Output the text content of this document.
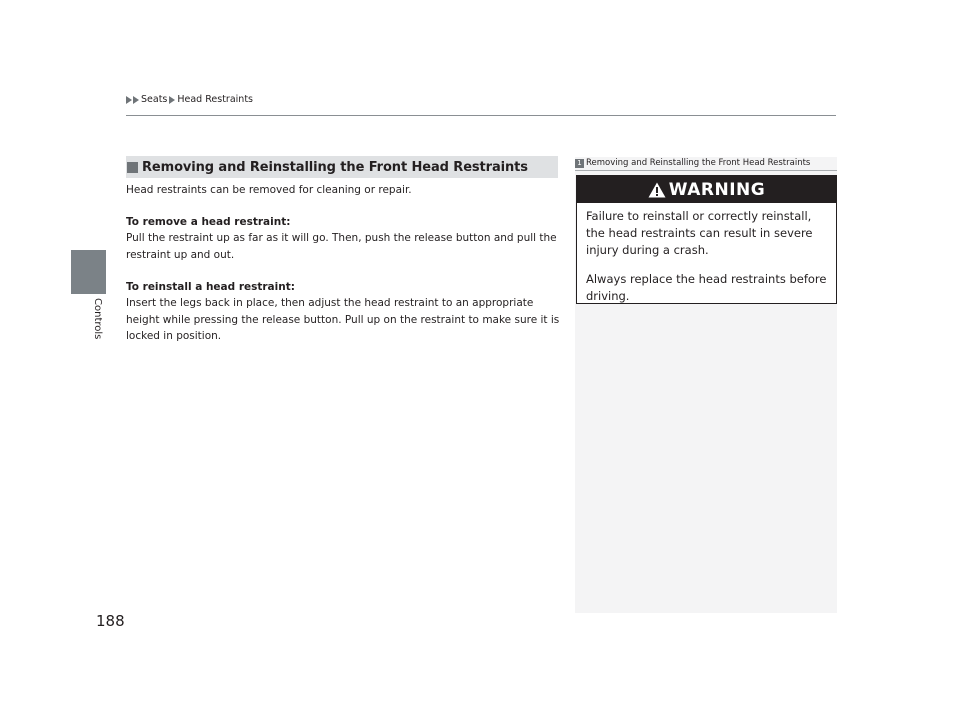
Seats Head Restraints
Controls
Removing and Reinstalling the Front Head Restraints
Head restraints can be removed for cleaning or repair.
To remove a head restraint:
Pull the restraint up as far as it will go. Then, push the release button and pull the restraint up and out.
To reinstall a head restraint:
Insert the legs back in place, then adjust the head restraint to an appropriate height while pressing the release button. Pull up on the restraint to make sure it is locked in position.
1 Removing and Reinstalling the Front Head Restraints
WARNING

Failure to reinstall or correctly reinstall, the head restraints can result in severe injury during a crash.

Always replace the head restraints before driving.

188
